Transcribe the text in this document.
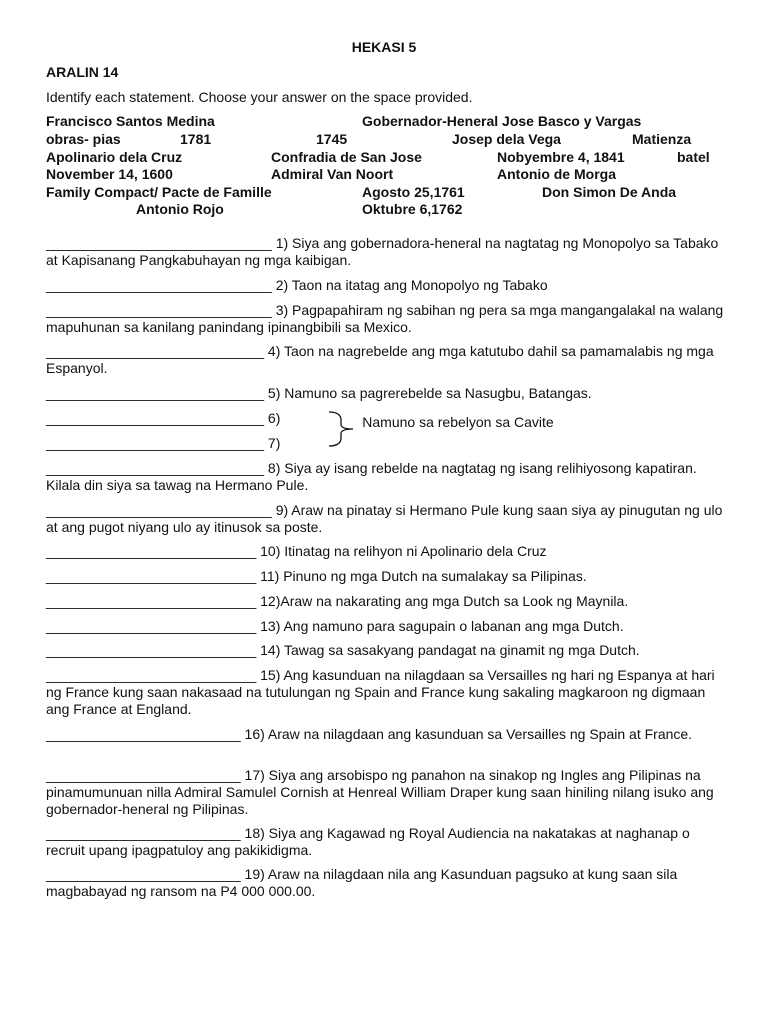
HEKASI 5
ARALIN 14
Identify each statement. Choose your answer on the space provided.
Francisco Santos Medina	Gobernador-Heneral Jose Basco y Vargas
obras- pias	1781	1745	Josep dela Vega	Matienza
Apolinario dela Cruz	Confradia de San Jose	Nobyembre 4, 1841	batel
November 14, 1600	Admiral Van Noort	Antonio de Morga
Family Compact/ Pacte de Famille	Agosto 25,1761	Don Simon De Anda
Antonio Rojo	Oktubre 6,1762
_____________________________ 1) Siya ang gobernadora-heneral na nagtatag ng Monopolyo sa Tabako at Kapisanang Pangkabuhayan ng mga kaibigan.
_____________________________ 2) Taon na itatag ang Monopolyo ng Tabako
_____________________________ 3) Pagpapahiram ng sabihan ng pera sa mga mangangalakal na walang mapuhunan sa kanilang panindang ipinangbibili sa Mexico.
____________________________ 4) Taon na nagrebelde ang mga katutubo dahil sa pamamalabis ng mga Espanyol.
____________________________ 5) Namuno sa pagrerebelde sa Nasugbu, Batangas.
____________________________ 6)
____________________________ 7)
Namuno sa rebelyon sa Cavite
____________________________ 8) Siya ay isang rebelde na nagtatag ng isang relihiyosong kapatiran. Kilala din siya sa tawag na Hermano Pule.
_____________________________ 9) Araw na pinatay si Hermano Pule kung saan siya ay pinugutan ng ulo at ang pugot niyang ulo ay itinusok sa poste.
___________________________ 10) Itinatag na relihyon ni Apolinario dela Cruz
___________________________ 11) Pinuno ng mga Dutch na sumalakay sa Pilipinas.
___________________________ 12)Araw na nakarating ang mga Dutch sa Look ng Maynila.
___________________________ 13) Ang namuno para sagupain o labanan ang mga Dutch.
___________________________ 14) Tawag sa sasakyang pandagat na ginamit ng mga Dutch.
___________________________ 15) Ang kasunduan na nilagdaan sa Versailles ng hari ng Espanya at hari ng France kung saan nakasaad na tutulungan ng Spain and France kung sakaling magkaroon ng digmaan ang France at England.
_________________________ 16) Araw na nilagdaan ang kasunduan sa Versailles ng Spain at France.
_________________________ 17) Siya ang arsobispo ng panahon na sinakop ng Ingles ang Pilipinas na pinamumunuan nilla Admiral Samulel Cornish at Henreal William Draper kung saan hiniling nilang isuko ang gobernador-heneral ng Pilipinas.
_________________________ 18) Siya ang Kagawad ng Royal Audiencia na nakatakas at naghanap o recruit upang ipagpatuloy ang pakikidigma.
_________________________ 19) Araw na nilagdaan nila ang Kasunduan pagsuko at kung saan sila magbabayad ng ransom na P4 000 000.00.
